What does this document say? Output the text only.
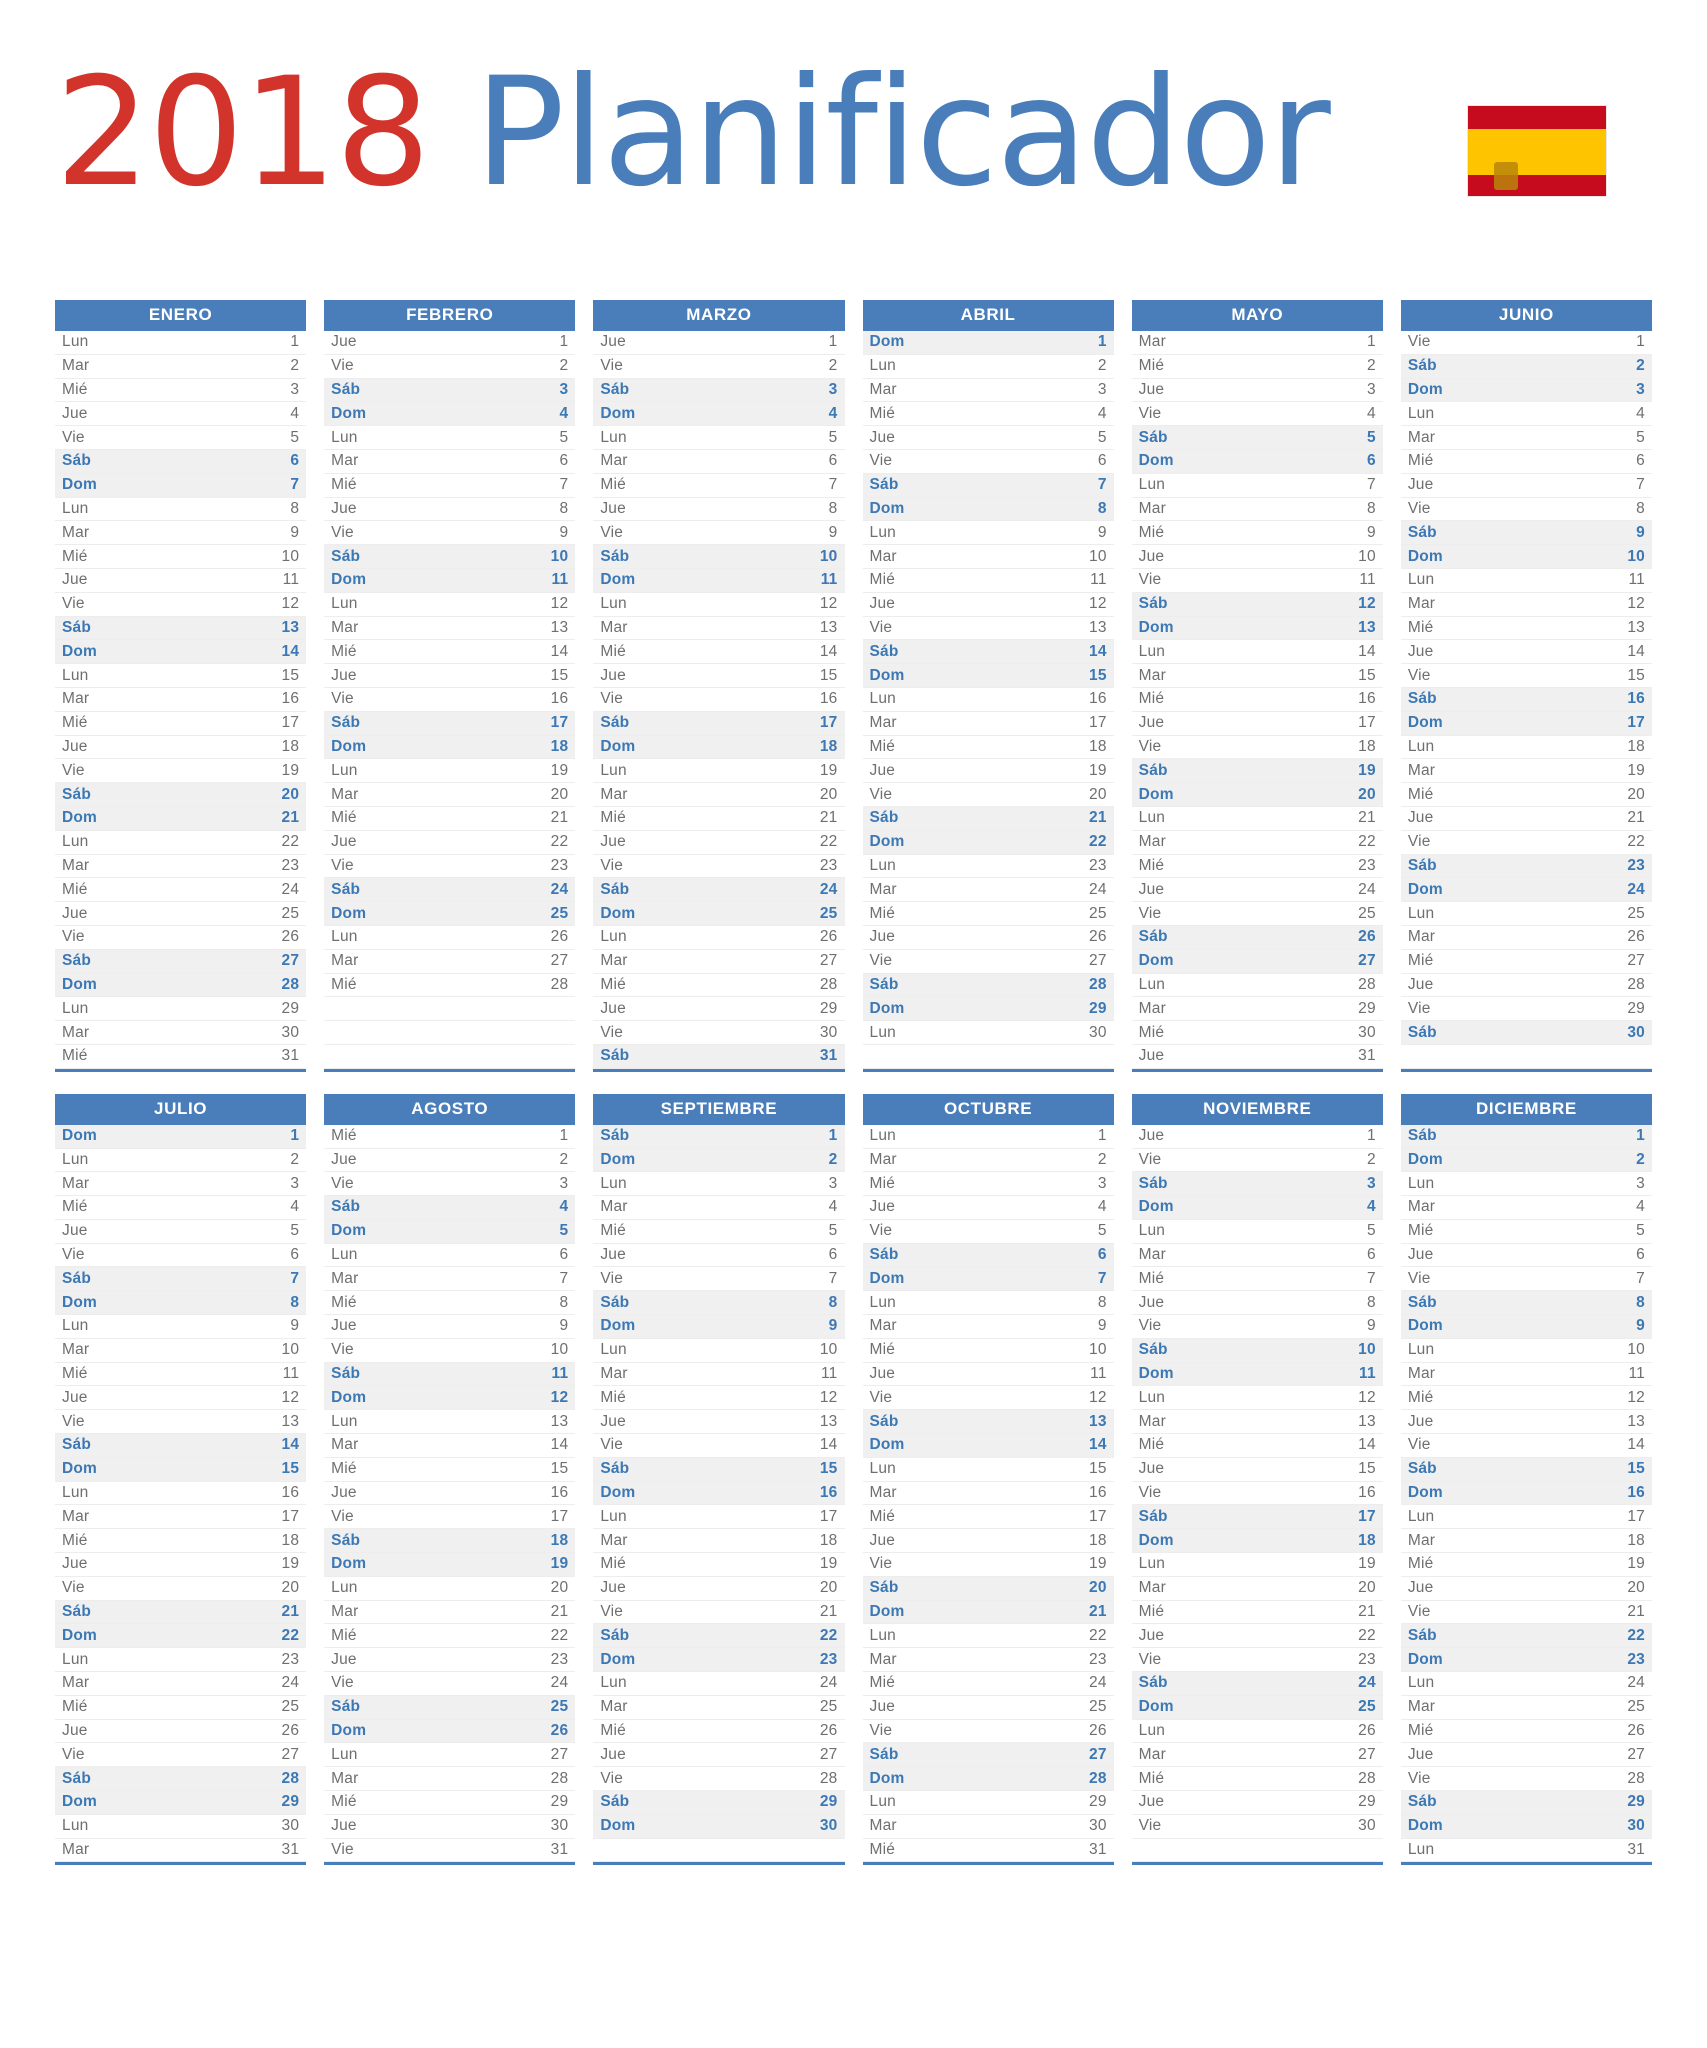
2018 Planificador
ENERO
Lun	1
Mar	2
Mié	3
Jue	4
Vie	5
Sáb	6
Dom	7
Lun	8
Mar	9
Mié	10
Jue	11
Vie	12
Sáb	13
Dom	14
Lun	15
Mar	16
Mié	17
Jue	18
Vie	19
Sáb	20
Dom	21
Lun	22
Mar	23
Mié	24
Jue	25
Vie	26
Sáb	27
Dom	28
Lun	29
Mar	30
Mié	31
FEBRERO
Jue	1
Vie	2
Sáb	3
Dom	4
Lun	5
Mar	6
Mié	7
Jue	8
Vie	9
Sáb	10
Dom	11
Lun	12
Mar	13
Mié	14
Jue	15
Vie	16
Sáb	17
Dom	18
Lun	19
Mar	20
Mié	21
Jue	22
Vie	23
Sáb	24
Dom	25
Lun	26
Mar	27
Mié	28
MARZO
Jue	1
Vie	2
Sáb	3
Dom	4
Lun	5
Mar	6
Mié	7
Jue	8
Vie	9
Sáb	10
Dom	11
Lun	12
Mar	13
Mié	14
Jue	15
Vie	16
Sáb	17
Dom	18
Lun	19
Mar	20
Mié	21
Jue	22
Vie	23
Sáb	24
Dom	25
Lun	26
Mar	27
Mié	28
Jue	29
Vie	30
Sáb	31
ABRIL
Dom	1
Lun	2
Mar	3
Mié	4
Jue	5
Vie	6
Sáb	7
Dom	8
Lun	9
Mar	10
Mié	11
Jue	12
Vie	13
Sáb	14
Dom	15
Lun	16
Mar	17
Mié	18
Jue	19
Vie	20
Sáb	21
Dom	22
Lun	23
Mar	24
Mié	25
Jue	26
Vie	27
Sáb	28
Dom	29
Lun	30
MAYO
Mar	1
Mié	2
Jue	3
Vie	4
Sáb	5
Dom	6
Lun	7
Mar	8
Mié	9
Jue	10
Vie	11
Sáb	12
Dom	13
Lun	14
Mar	15
Mié	16
Jue	17
Vie	18
Sáb	19
Dom	20
Lun	21
Mar	22
Mié	23
Jue	24
Vie	25
Sáb	26
Dom	27
Lun	28
Mar	29
Mié	30
Jue	31
JUNIO
Vie	1
Sáb	2
Dom	3
Lun	4
Mar	5
Mié	6
Jue	7
Vie	8
Sáb	9
Dom	10
Lun	11
Mar	12
Mié	13
Jue	14
Vie	15
Sáb	16
Dom	17
Lun	18
Mar	19
Mié	20
Jue	21
Vie	22
Sáb	23
Dom	24
Lun	25
Mar	26
Mié	27
Jue	28
Vie	29
Sáb	30
JULIO
Dom	1
Lun	2
Mar	3
Mié	4
Jue	5
Vie	6
Sáb	7
Dom	8
Lun	9
Mar	10
Mié	11
Jue	12
Vie	13
Sáb	14
Dom	15
Lun	16
Mar	17
Mié	18
Jue	19
Vie	20
Sáb	21
Dom	22
Lun	23
Mar	24
Mié	25
Jue	26
Vie	27
Sáb	28
Dom	29
Lun	30
Mar	31
AGOSTO
Mié	1
Jue	2
Vie	3
Sáb	4
Dom	5
Lun	6
Mar	7
Mié	8
Jue	9
Vie	10
Sáb	11
Dom	12
Lun	13
Mar	14
Mié	15
Jue	16
Vie	17
Sáb	18
Dom	19
Lun	20
Mar	21
Mié	22
Jue	23
Vie	24
Sáb	25
Dom	26
Lun	27
Mar	28
Mié	29
Jue	30
Vie	31
SEPTIEMBRE
Sáb	1
Dom	2
Lun	3
Mar	4
Mié	5
Jue	6
Vie	7
Sáb	8
Dom	9
Lun	10
Mar	11
Mié	12
Jue	13
Vie	14
Sáb	15
Dom	16
Lun	17
Mar	18
Mié	19
Jue	20
Vie	21
Sáb	22
Dom	23
Lun	24
Mar	25
Mié	26
Jue	27
Vie	28
Sáb	29
Dom	30
OCTUBRE
Lun	1
Mar	2
Mié	3
Jue	4
Vie	5
Sáb	6
Dom	7
Lun	8
Mar	9
Mié	10
Jue	11
Vie	12
Sáb	13
Dom	14
Lun	15
Mar	16
Mié	17
Jue	18
Vie	19
Sáb	20
Dom	21
Lun	22
Mar	23
Mié	24
Jue	25
Vie	26
Sáb	27
Dom	28
Lun	29
Mar	30
Mié	31
NOVIEMBRE
Jue	1
Vie	2
Sáb	3
Dom	4
Lun	5
Mar	6
Mié	7
Jue	8
Vie	9
Sáb	10
Dom	11
Lun	12
Mar	13
Mié	14
Jue	15
Vie	16
Sáb	17
Dom	18
Lun	19
Mar	20
Mié	21
Jue	22
Vie	23
Sáb	24
Dom	25
Lun	26
Mar	27
Mié	28
Jue	29
Vie	30
DICIEMBRE
Sáb	1
Dom	2
Lun	3
Mar	4
Mié	5
Jue	6
Vie	7
Sáb	8
Dom	9
Lun	10
Mar	11
Mié	12
Jue	13
Vie	14
Sáb	15
Dom	16
Lun	17
Mar	18
Mié	19
Jue	20
Vie	21
Sáb	22
Dom	23
Lun	24
Mar	25
Mié	26
Jue	27
Vie	28
Sáb	29
Dom	30
Lun	31
